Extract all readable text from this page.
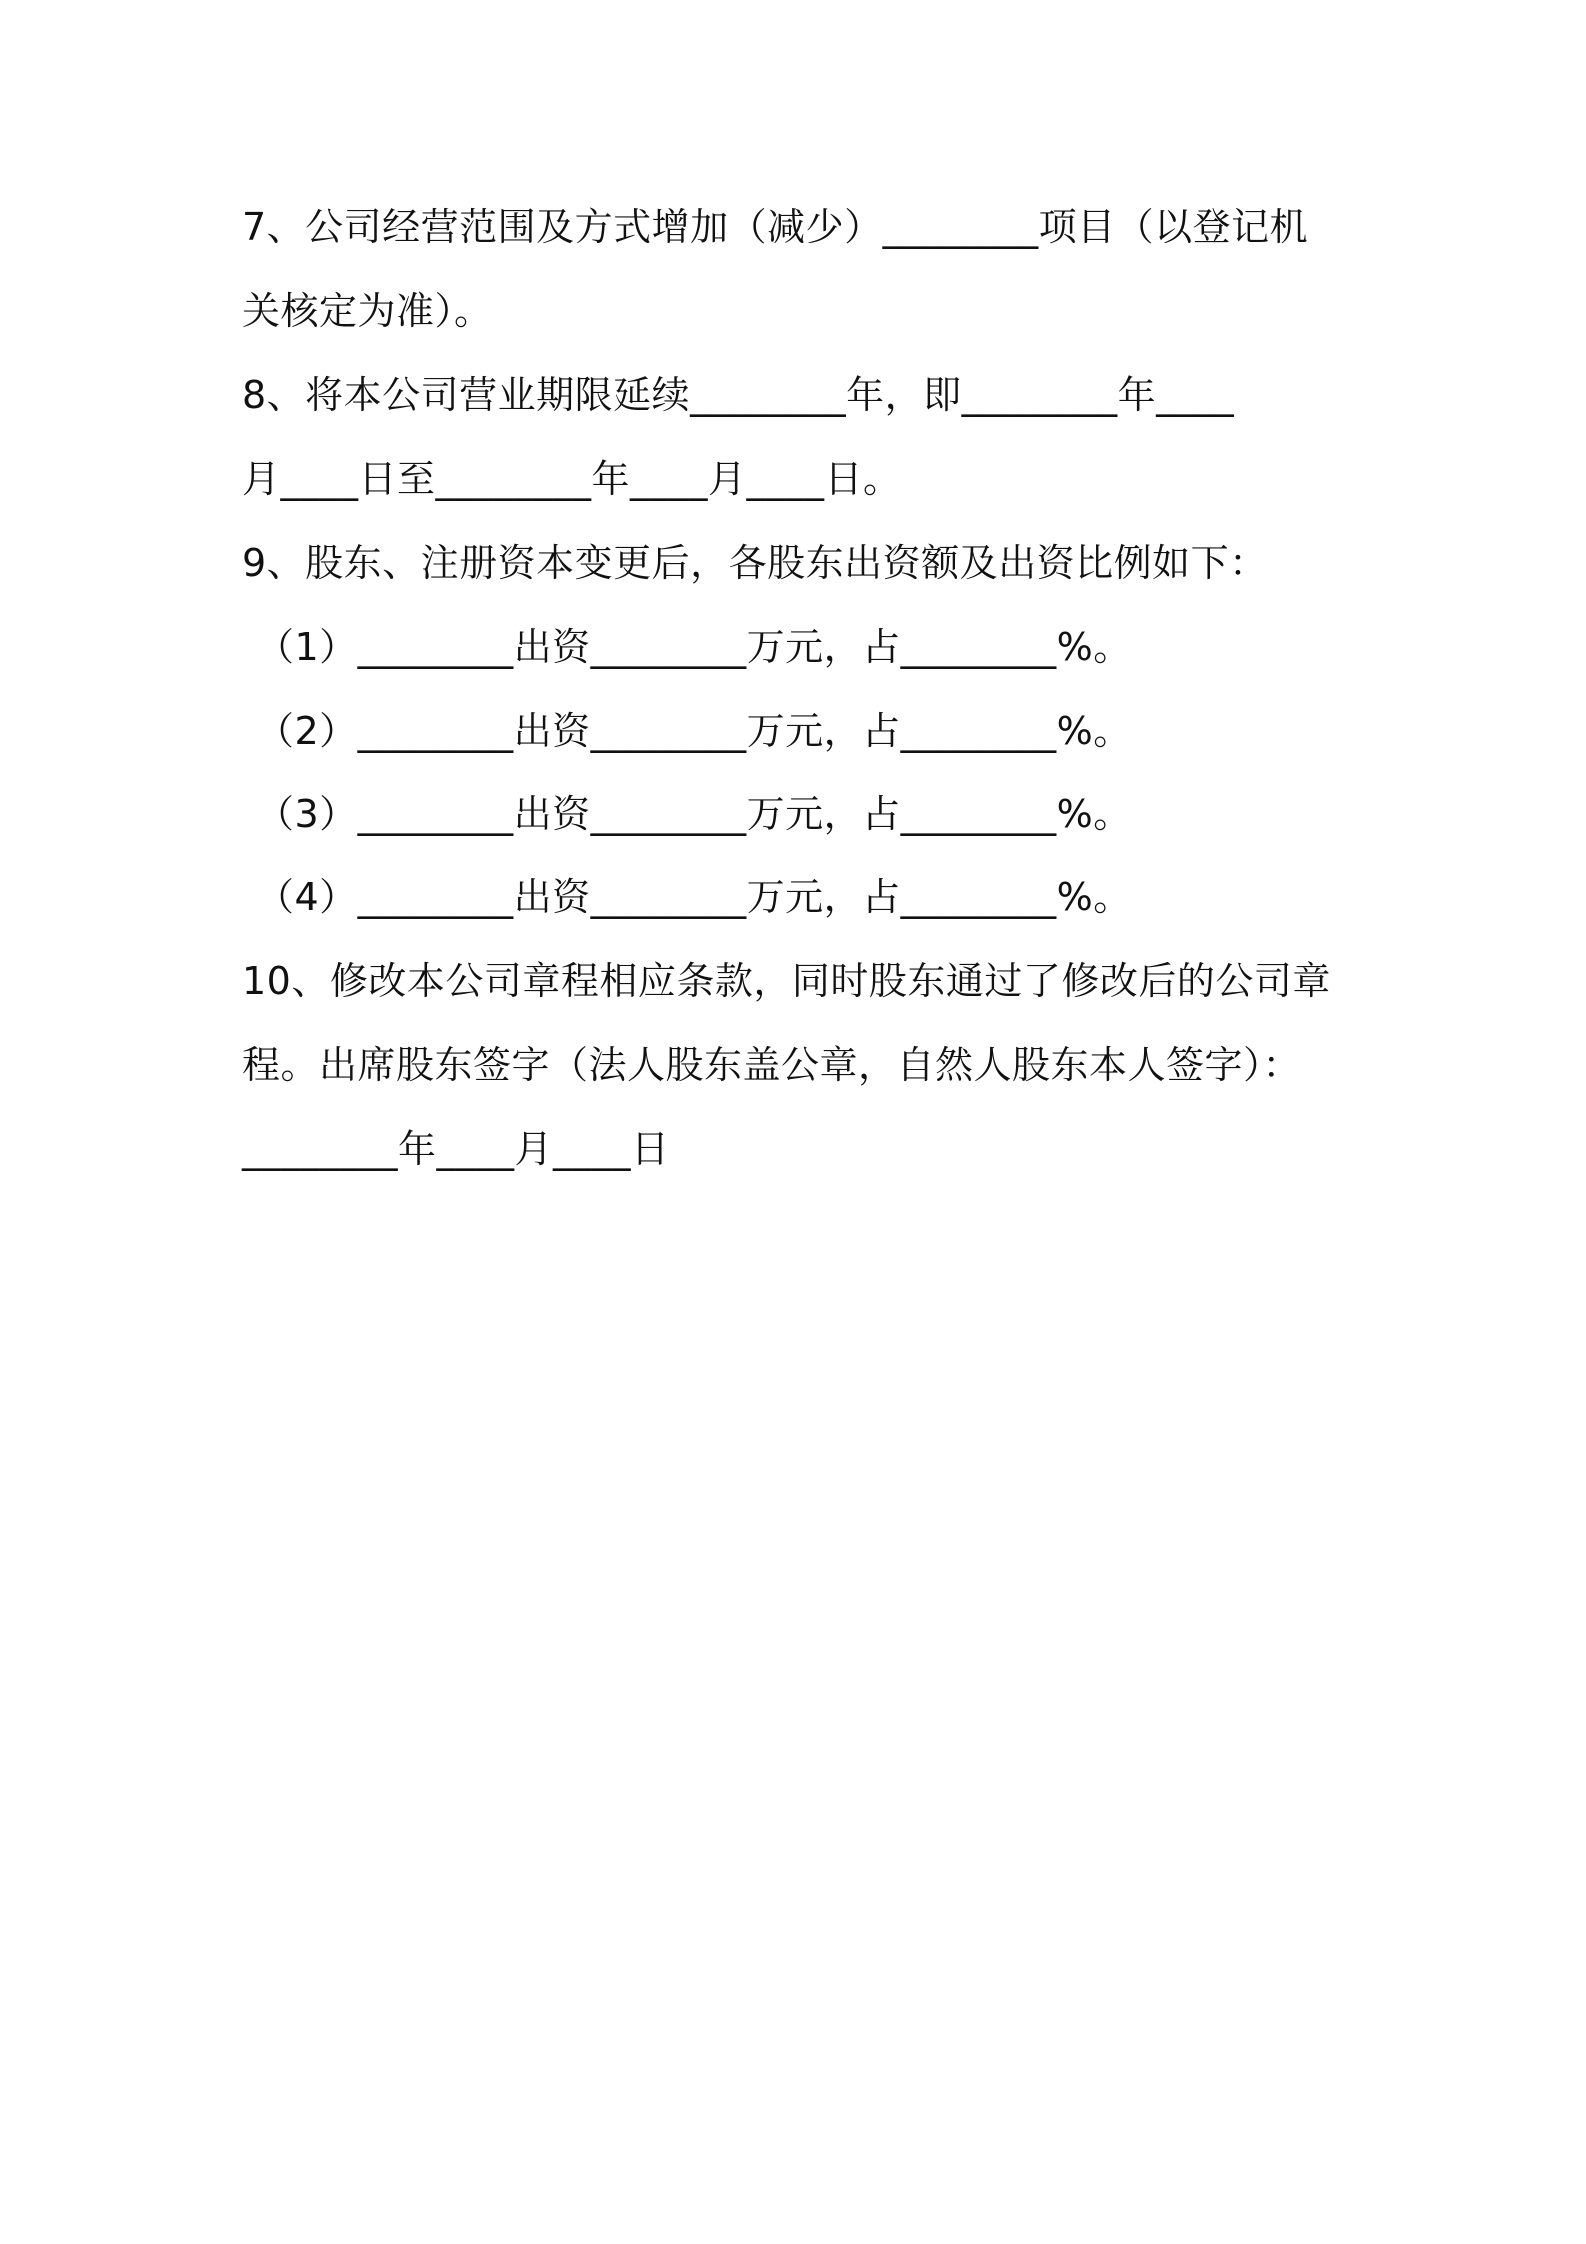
7、公司经营范围及方式增加（减少）________项目（以登记机
关核定为准）。
8、将本公司营业期限延续________年，即________年____
月____日至________年____月____日。
9、股东、注册资本变更后，各股东出资额及出资比例如下：
（1）________出资________万元，占________%。
（2）________出资________万元，占________%。
（3）________出资________万元，占________%。
（4）________出资________万元，占________%。
10、修改本公司章程相应条款，同时股东通过了修改后的公司章
程。出席股东签字（法人股东盖公章，自然人股东本人签字）：
________年____月____日
